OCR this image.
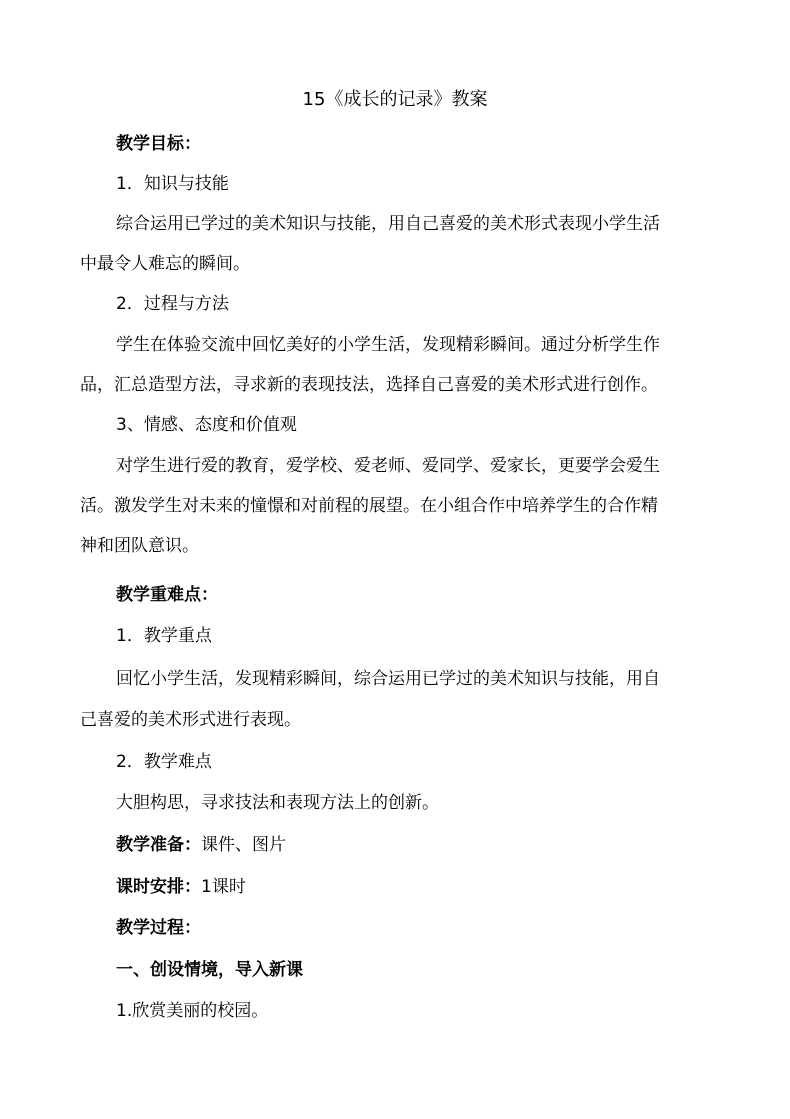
15《成长的记录》教案
教学目标：
1．知识与技能
综合运用已学过的美术知识与技能，用自己喜爱的美术形式表现小学生活
中最令人难忘的瞬间。
2．过程与方法
学生在体验交流中回忆美好的小学生活，发现精彩瞬间。通过分析学生作
品，汇总造型方法，寻求新的表现技法，选择自己喜爱的美术形式进行创作。
3、情感、态度和价值观
对学生进行爱的教育，爱学校、爱老师、爱同学、爱家长，更要学会爱生
活。激发学生对未来的憧憬和对前程的展望。在小组合作中培养学生的合作精
神和团队意识。
教学重难点：
1．教学重点
回忆小学生活，发现精彩瞬间，综合运用已学过的美术知识与技能，用自
己喜爱的美术形式进行表现。
2．教学难点
大胆构思，寻求技法和表现方法上的创新。
教学准备：课件、图片
课时安排：1课时
教学过程：
一、创设情境，导入新课
1.欣赏美丽的校园。
